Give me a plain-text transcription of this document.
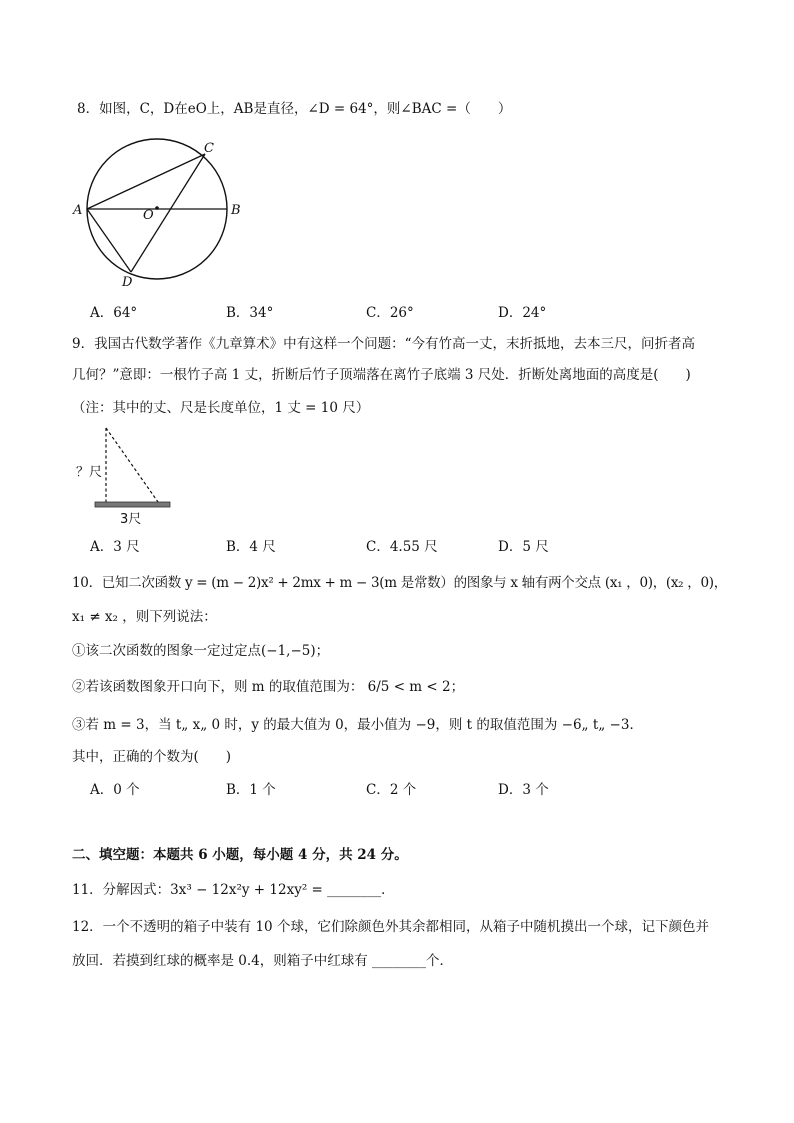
8．如图，C，D在eO上，AB是直径，∠D = 64°，则∠BAC =（　　）
A	B
C
D
O
A．64°	B．34°	C．26°	D．24°
9．我国古代数学著作《九章算术》中有这样一个问题：“今有竹高一丈，末折抵地，去本三尺，问折者高
几何？”意即：一根竹子高 1 丈，折断后竹子顶端落在离竹子底端 3 尺处．折断处离地面的高度是(　　)
（注：其中的丈、尺是长度单位，1 丈 = 10 尺）
？尺
3尺
A．3 尺	B．4 尺	C．4.55 尺	D．5 尺
10．已知二次函数 y = (m − 2)x² + 2mx + m − 3(m 是常数）的图象与 x 轴有两个交点 (x₁ ，0)，(x₂ ，0)，
x₁ ≠ x₂ ，则下列说法：
①该二次函数的图象一定过定点(−1,−5)；
②若该函数图象开口向下，则 m 的取值范围为： 6/5 < m < 2；
③若 m = 3，当 t„ x„ 0 时，y 的最大值为 0，最小值为 −9，则 t 的取值范围为 −6„ t„ −3．
其中，正确的个数为(　　)
A．0 个	B．1 个	C．2 个	D．3 个
二、填空题：本题共 6 小题，每小题 4 分，共 24 分。
11．分解因式：3x³ − 12x²y + 12xy² = ________．
12．一个不透明的箱子中装有 10 个球，它们除颜色外其余都相同，从箱子中随机摸出一个球，记下颜色并
放回．若摸到红球的概率是 0.4，则箱子中红球有 ________个．
